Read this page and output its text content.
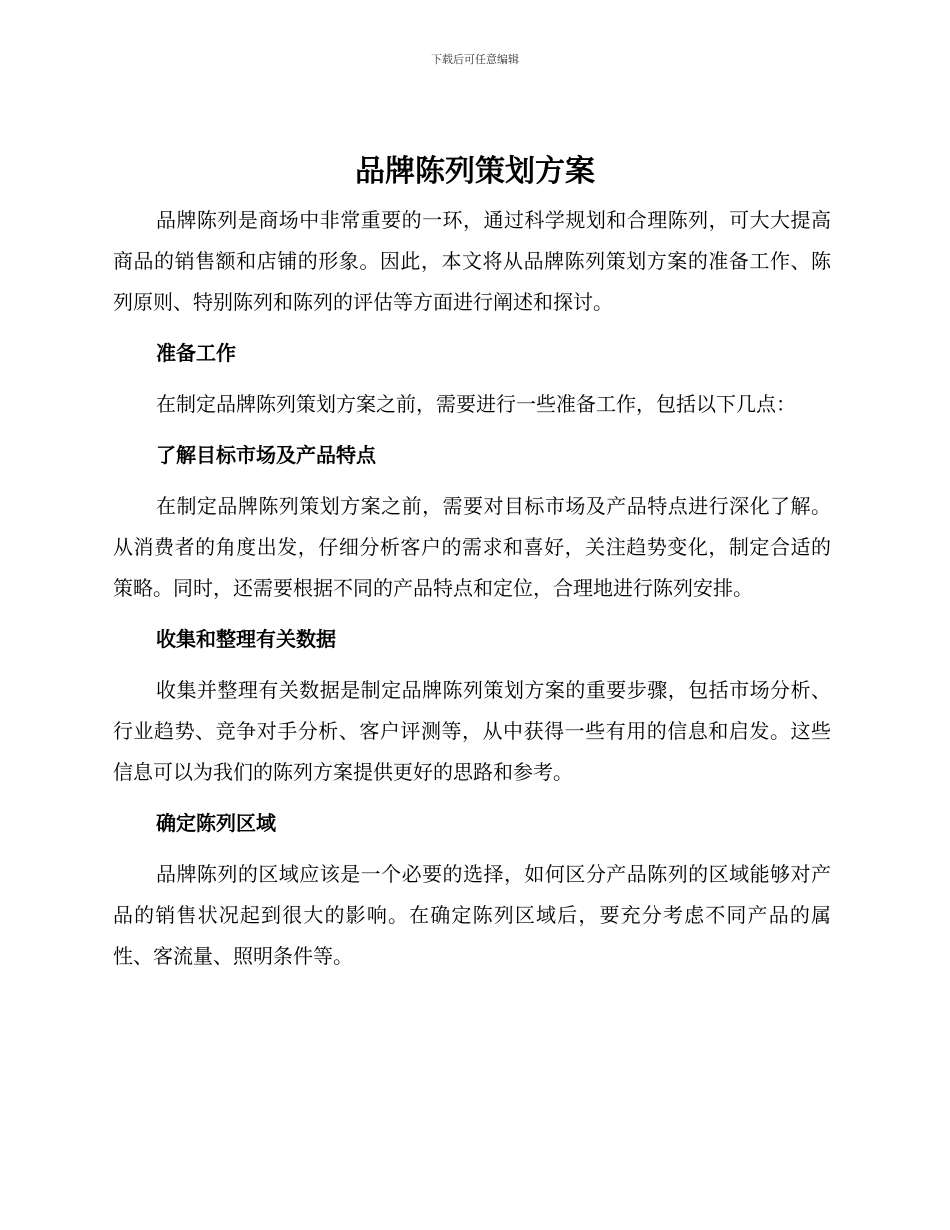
下载后可任意编辑
品牌陈列策划方案

品牌陈列是商场中非常重要的一环，通过科学规划和合理陈列，可大大提高商品的销售额和店铺的形象。因此，本文将从品牌陈列策划方案的准备工作、陈列原则、特别陈列和陈列的评估等方面进行阐述和探讨。

准备工作

在制定品牌陈列策划方案之前，需要进行一些准备工作，包括以下几点：

了解目标市场及产品特点

在制定品牌陈列策划方案之前，需要对目标市场及产品特点进行深化了解。从消费者的角度出发，仔细分析客户的需求和喜好，关注趋势变化，制定合适的策略。同时，还需要根据不同的产品特点和定位，合理地进行陈列安排。

收集和整理有关数据

收集并整理有关数据是制定品牌陈列策划方案的重要步骤，包括市场分析、行业趋势、竞争对手分析、客户评测等，从中获得一些有用的信息和启发。这些信息可以为我们的陈列方案提供更好的思路和参考。

确定陈列区域

品牌陈列的区域应该是一个必要的选择，如何区分产品陈列的区域能够对产品的销售状况起到很大的影响。在确定陈列区域后，要充分考虑不同产品的属性、客流量、照明条件等。
